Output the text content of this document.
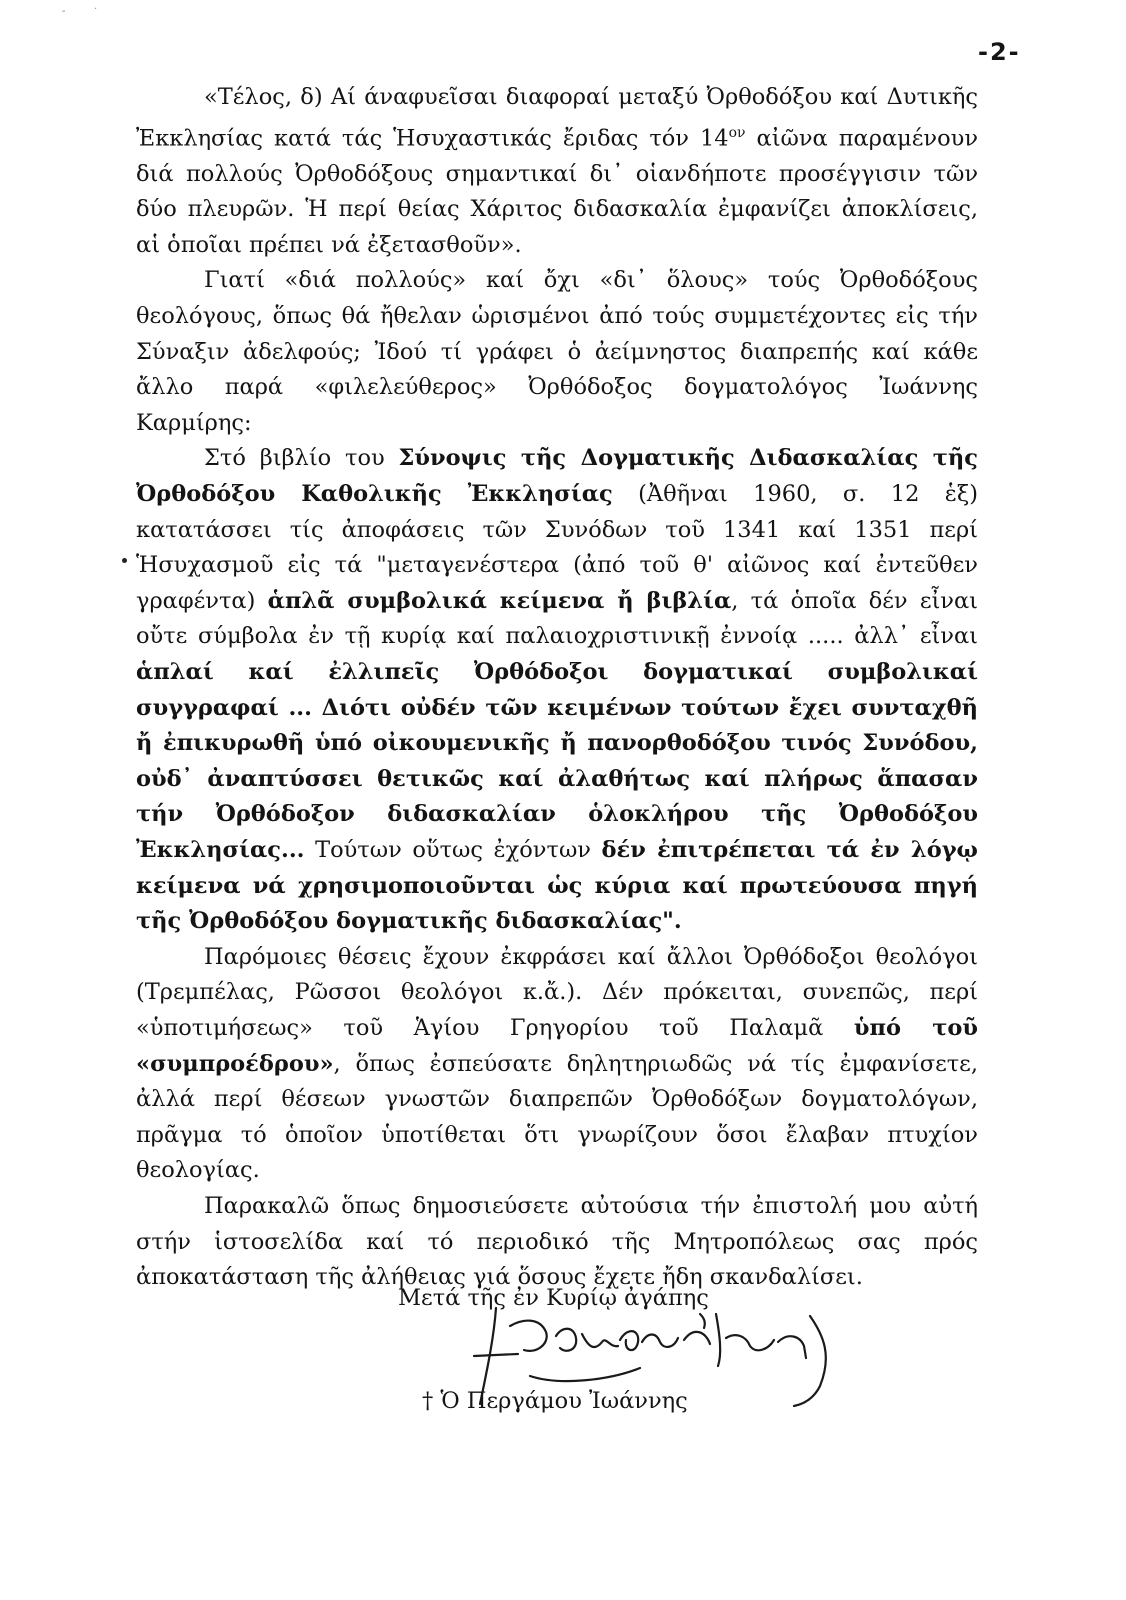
-	·
-2-

«Τέλος, δ) Αί άναφυεῖσαι διαφοραί μεταξύ Ὀρθοδόξου καί Δυτικῆς Ἐκκλησίας κατά τάς Ἡσυχαστικάς ἔριδας τόν $14^{o\nu}$ αἰῶνα παραμένουν διά πολλούς Ὀρθοδόξους σημαντικαί δι᾽ οἱανδήποτε προσέγγισιν τῶν δύο πλευρῶν. Ἡ περί θείας Χάριτος διδασκαλία ἐμφανίζει ἀποκλίσεις, αἱ ὁποῖαι πρέπει νά ἐξετασθοῦν».

Γιατί «διά πολλούς» καί ὄχι «δι᾽ ὅλους» τούς Ὀρθοδόξους θεολόγους, ὅπως θά ἤθελαν ὡρισμένοι ἀπό τούς συμμετέχοντες εἰς τήν Σύναξιν ἀδελφούς; Ἰδού τί γράφει ὁ ἀείμνηστος διαπρεπής καί κάθε ἄλλο παρά «φιλελεύθερος» Ὀρθόδοξος δογματολόγος Ἰωάννης Καρμίρης:

Στό βιβλίο του Σύνοψις τῆς Δογματικῆς Διδασκαλίας τῆς Ὀρθοδόξου Καθολικῆς Ἐκκλησίας (Ἀθῆναι 1960, σ. 12 ἑξ) κατατάσσει τίς ἀποφάσεις τῶν Συνόδων τοῦ 1341 καί 1351 περί Ἡσυχασμοῦ εἰς τά "μεταγενέστερα (ἀπό τοῦ θ' αἰῶνος καί ἐντεῦθεν γραφέντα) ἁπλᾶ συμβολικά κείμενα ἤ βιβλία, τά ὁποῖα δέν εἶναι οὔτε σύμβολα ἐν τῇ κυρίᾳ καί παλαιοχριστινικῇ ἐννοίᾳ ..... ἀλλ᾽ εἶναι ἁπλαί καί ἐλλιπεῖς Ὀρθόδοξοι δογματικαί συμβολικαί συγγραφαί ... Διότι οὐδέν τῶν κειμένων τούτων ἔχει συνταχθῆ ἤ ἐπικυρωθῆ ὑπό οἰκουμενικῆς ἤ πανορθοδόξου τινός Συνόδου, οὐδ᾽ ἀναπτύσσει θετικῶς καί ἀλαθήτως καί πλήρως ἅπασαν τήν Ὀρθόδοξον διδασκαλίαν ὁλοκλήρου τῆς Ὀρθοδόξου Ἐκκλησίας... Τούτων οὕτως ἐχόντων δέν ἐπιτρέπεται τά ἐν λόγῳ κείμενα νά χρησιμοποιοῦνται ὡς κύρια καί πρωτεύουσα πηγή τῆς Ὀρθοδόξου δογματικῆς διδασκαλίας".

Παρόμοιες θέσεις ἔχουν ἐκφράσει καί ἄλλοι Ὀρθόδοξοι θεολόγοι (Τρεμπέλας, Ρῶσσοι θεολόγοι κ.ἄ.). Δέν πρόκειται, συνεπῶς, περί «ὑποτιμήσεως» τοῦ Ἁγίου Γρηγορίου τοῦ Παλαμᾶ ὑπό τοῦ «συμπροέδρου», ὅπως ἐσπεύσατε δηλητηριωδῶς νά τίς ἐμφανίσετε, ἀλλά περί θέσεων γνωστῶν διαπρεπῶν Ὀρθοδόξων δογματολόγων, πρᾶγμα τό ὁποῖον ὑποτίθεται ὅτι γνωρίζουν ὅσοι ἔλαβαν πτυχίον θεολογίας.

Παρακαλῶ ὅπως δημοσιεύσετε αὐτούσια τήν ἐπιστολή μου αὐτή στήν ἱστοσελίδα καί τό περιοδικό τῆς Μητροπόλεως σας πρός ἀποκατάσταση τῆς ἀλήθειας γιά ὅσους ἔχετε ἤδη σκανδαλίσει.

Μετά τῆς ἐν Κυρίῳ ἀγάπης
† Ὁ Περγάμου Ἰωάννης
